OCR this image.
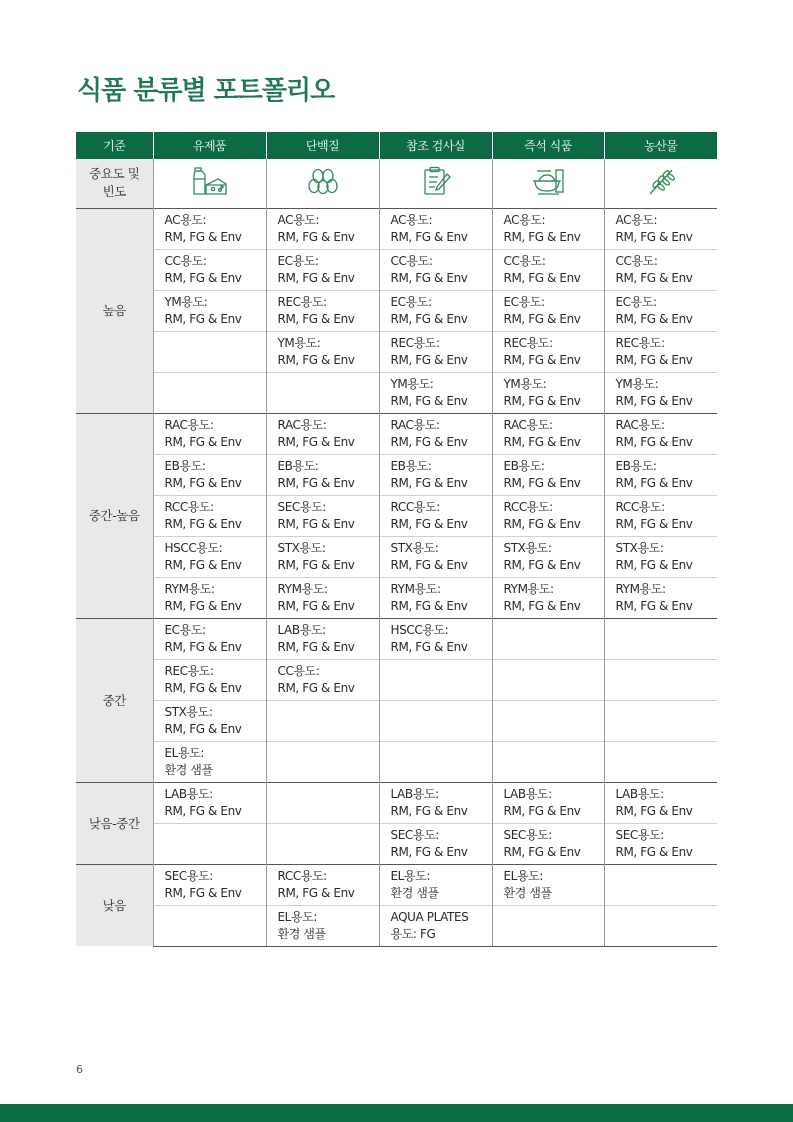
식품 분류별 포트폴리오
기준	유제품	단백질	참조 검사실	즉석 식품	농산물

중요도 및
빈도

높음	AC용도:
RM, FG & Env	AC용도:
RM, FG & Env	AC용도:
RM, FG & Env	AC용도:
RM, FG & Env	AC용도:
RM, FG & Env

	CC용도:
RM, FG & Env	EC용도:
RM, FG & Env	CC용도:
RM, FG & Env	CC용도:
RM, FG & Env	CC용도:
RM, FG & Env

	YM용도:
RM, FG & Env	REC용도:
RM, FG & Env	EC용도:
RM, FG & Env	EC용도:
RM, FG & Env	EC용도:
RM, FG & Env

		YM용도:
RM, FG & Env	REC용도:
RM, FG & Env	REC용도:
RM, FG & Env	REC용도:
RM, FG & Env

			YM용도:
RM, FG & Env	YM용도:
RM, FG & Env	YM용도:
RM, FG & Env

중간-높음	RAC용도:
RM, FG & Env	RAC용도:
RM, FG & Env	RAC용도:
RM, FG & Env	RAC용도:
RM, FG & Env	RAC용도:
RM, FG & Env

	EB용도:
RM, FG & Env	EB용도:
RM, FG & Env	EB용도:
RM, FG & Env	EB용도:
RM, FG & Env	EB용도:
RM, FG & Env

	RCC용도:
RM, FG & Env	SEC용도:
RM, FG & Env	RCC용도:
RM, FG & Env	RCC용도:
RM, FG & Env	RCC용도:
RM, FG & Env

	HSCC용도:
RM, FG & Env	STX용도:
RM, FG & Env	STX용도:
RM, FG & Env	STX용도:
RM, FG & Env	STX용도:
RM, FG & Env

	RYM용도:
RM, FG & Env	RYM용도:
RM, FG & Env	RYM용도:
RM, FG & Env	RYM용도:
RM, FG & Env	RYM용도:
RM, FG & Env

중간	EC용도:
RM, FG & Env	LAB용도:
RM, FG & Env	HSCC용도:
RM, FG & Env		

	REC용도:
RM, FG & Env	CC용도:
RM, FG & Env			

	STX용도:
RM, FG & Env				

	EL용도:
환경 샘플				

낮음-중간	LAB용도:
RM, FG & Env		LAB용도:
RM, FG & Env	LAB용도:
RM, FG & Env	LAB용도:
RM, FG & Env

			SEC용도:
RM, FG & Env	SEC용도:
RM, FG & Env	SEC용도:
RM, FG & Env

낮음	SEC용도:
RM, FG & Env	RCC용도:
RM, FG & Env	EL용도:
환경 샘플	EL용도:
환경 샘플	

		EL용도:
환경 샘플	AQUA PLATES
용도: FG		

6
